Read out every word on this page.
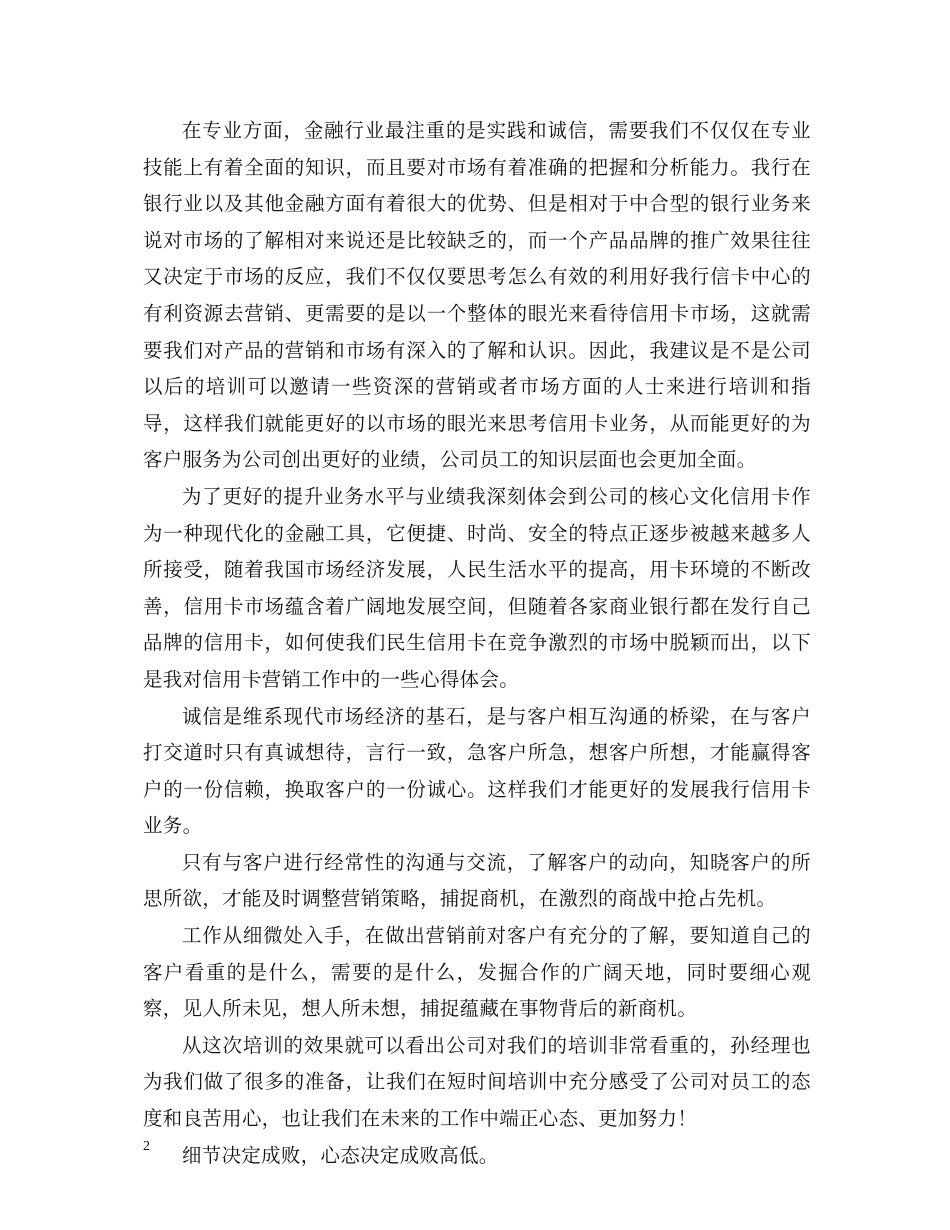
在专业方面，金融行业最注重的是实践和诚信，需要我们不仅仅在专业技能上有着全面的知识，而且要对市场有着准确的把握和分析能力。我行在银行业以及其他金融方面有着很大的优势、但是相对于中合型的银行业务来说对市场的了解相对来说还是比较缺乏的，而一个产品品牌的推广效果往往又决定于市场的反应，我们不仅仅要思考怎么有效的利用好我行信卡中心的有利资源去营销、更需要的是以一个整体的眼光来看待信用卡市场，这就需要我们对产品的营销和市场有深入的了解和认识。因此，我建议是不是公司以后的培训可以邀请一些资深的营销或者市场方面的人士来进行培训和指导，这样我们就能更好的以市场的眼光来思考信用卡业务，从而能更好的为客户服务为公司创出更好的业绩，公司员工的知识层面也会更加全面。

为了更好的提升业务水平与业绩我深刻体会到公司的核心文化信用卡作为一种现代化的金融工具，它便捷、时尚、安全的特点正逐步被越来越多人所接受，随着我国市场经济发展，人民生活水平的提高，用卡环境的不断改善，信用卡市场蕴含着广阔地发展空间，但随着各家商业银行都在发行自己品牌的信用卡，如何使我们民生信用卡在竞争激烈的市场中脱颖而出，以下是我对信用卡营销工作中的一些心得体会。

诚信是维系现代市场经济的基石，是与客户相互沟通的桥梁，在与客户打交道时只有真诚想待，言行一致，急客户所急，想客户所想，才能赢得客户的一份信赖，换取客户的一份诚心。这样我们才能更好的发展我行信用卡业务。

只有与客户进行经常性的沟通与交流，了解客户的动向，知晓客户的所思所欲，才能及时调整营销策略，捕捉商机，在激烈的商战中抢占先机。

工作从细微处入手，在做出营销前对客户有充分的了解，要知道自己的客户看重的是什么，需要的是什么，发掘合作的广阔天地，同时要细心观察，见人所未见，想人所未想，捕捉蕴藏在事物背后的新商机。

从这次培训的效果就可以看出公司对我们的培训非常看重的，孙经理也为我们做了很多的准备，让我们在短时间培训中充分感受了公司对员工的态度和良苦用心，也让我们在未来的工作中端正心态、更加努力！

细节决定成败，心态决定成败高低。

2
